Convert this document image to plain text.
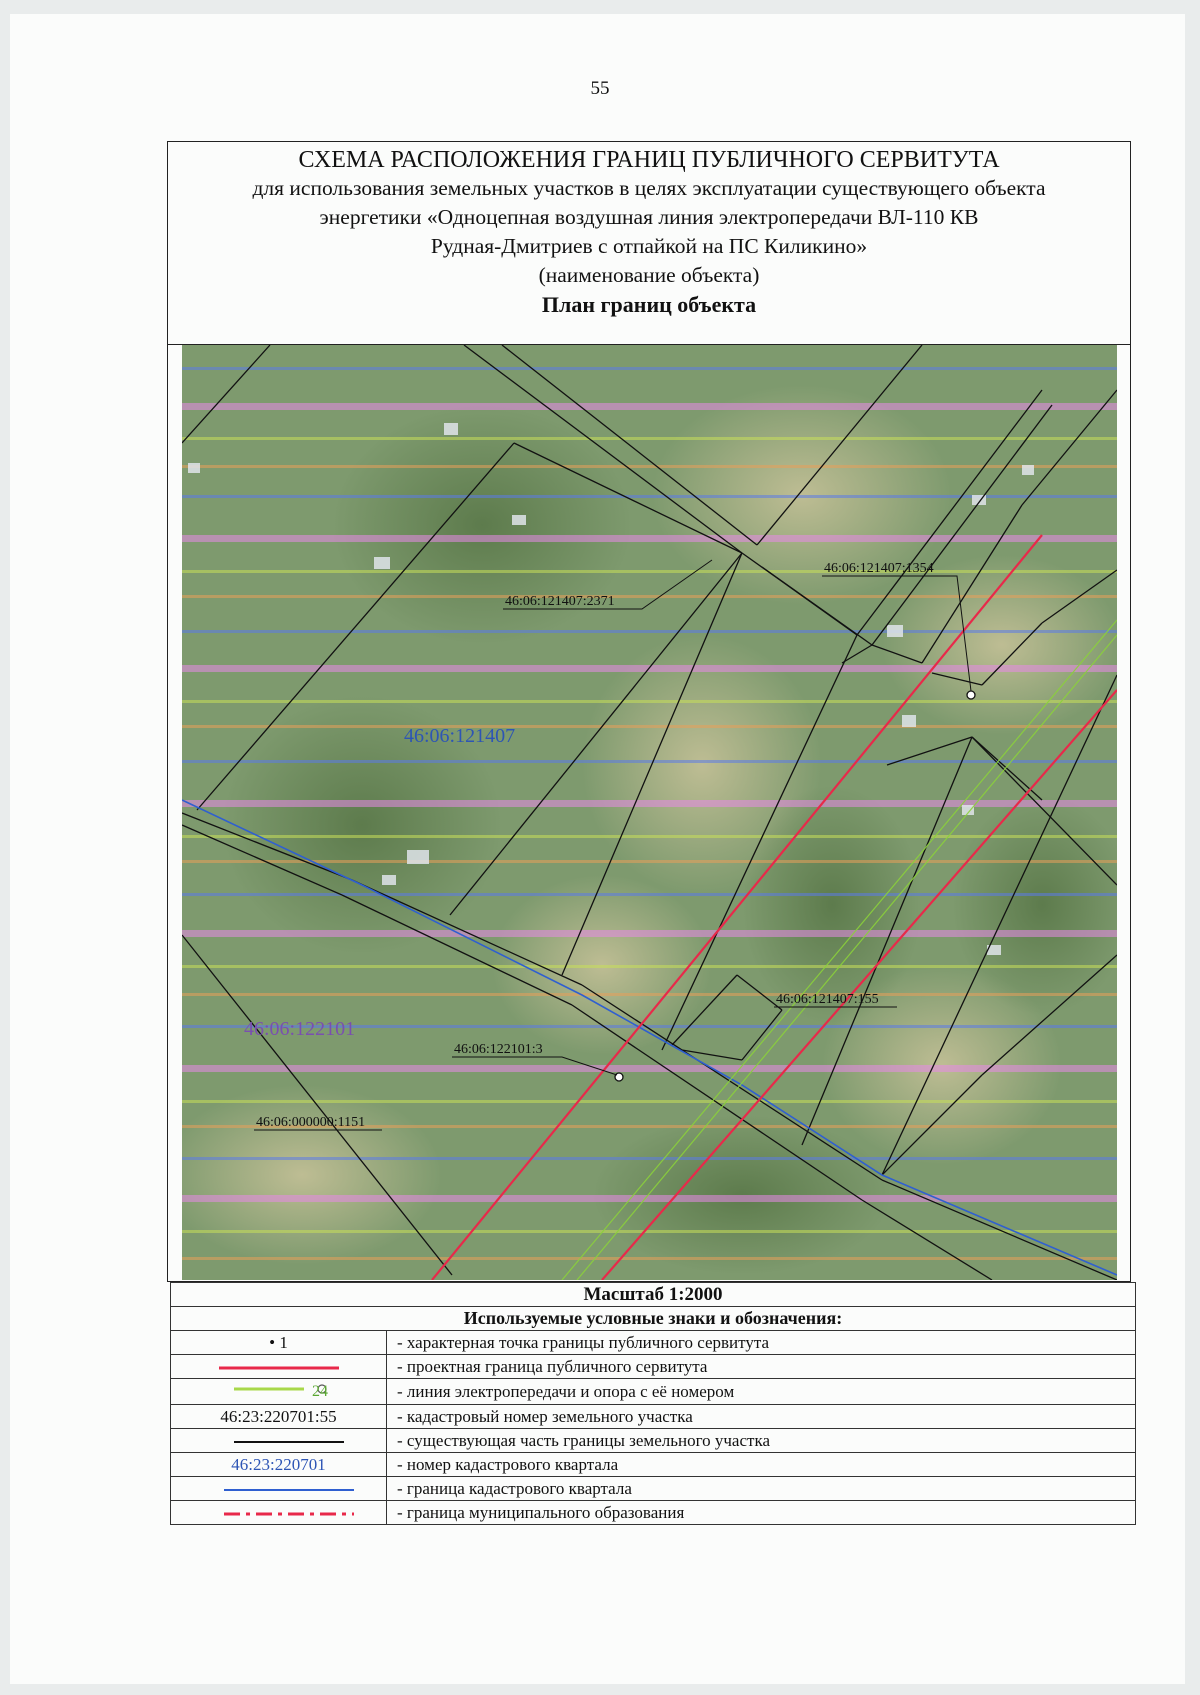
55
СХЕМА РАСПОЛОЖЕНИЯ ГРАНИЦ ПУБЛИЧНОГО СЕРВИТУТА
для использования земельных участков в целях эксплуатации существующего объекта
энергетики «Одноцепная воздушная линия электропередачи ВЛ-110 КВ
Рудная-Дмитриев с отпайкой на ПС Киликино»
(наименование объекта)
План границ объекта
46:06:121407:2371
46:06:121407:1354
46:06:121407:155
46:06:122101:3
46:06:000000:1151
46:06:121407
46:06:122101
Масштаб 1:2000	
Используемые условные знаки и обозначения:	
• 1	- характерная точка границы публичного сервитута
	- проектная граница публичного сервитута

24	- линия электропередачи и опора с её номером
46:23:220701:55	- кадастровый номер земельного участка
	- существующая часть границы земельного участка
46:23:220701	- номер кадастрового квартала
	- граница кадастрового квартала
	- граница муниципального образования
